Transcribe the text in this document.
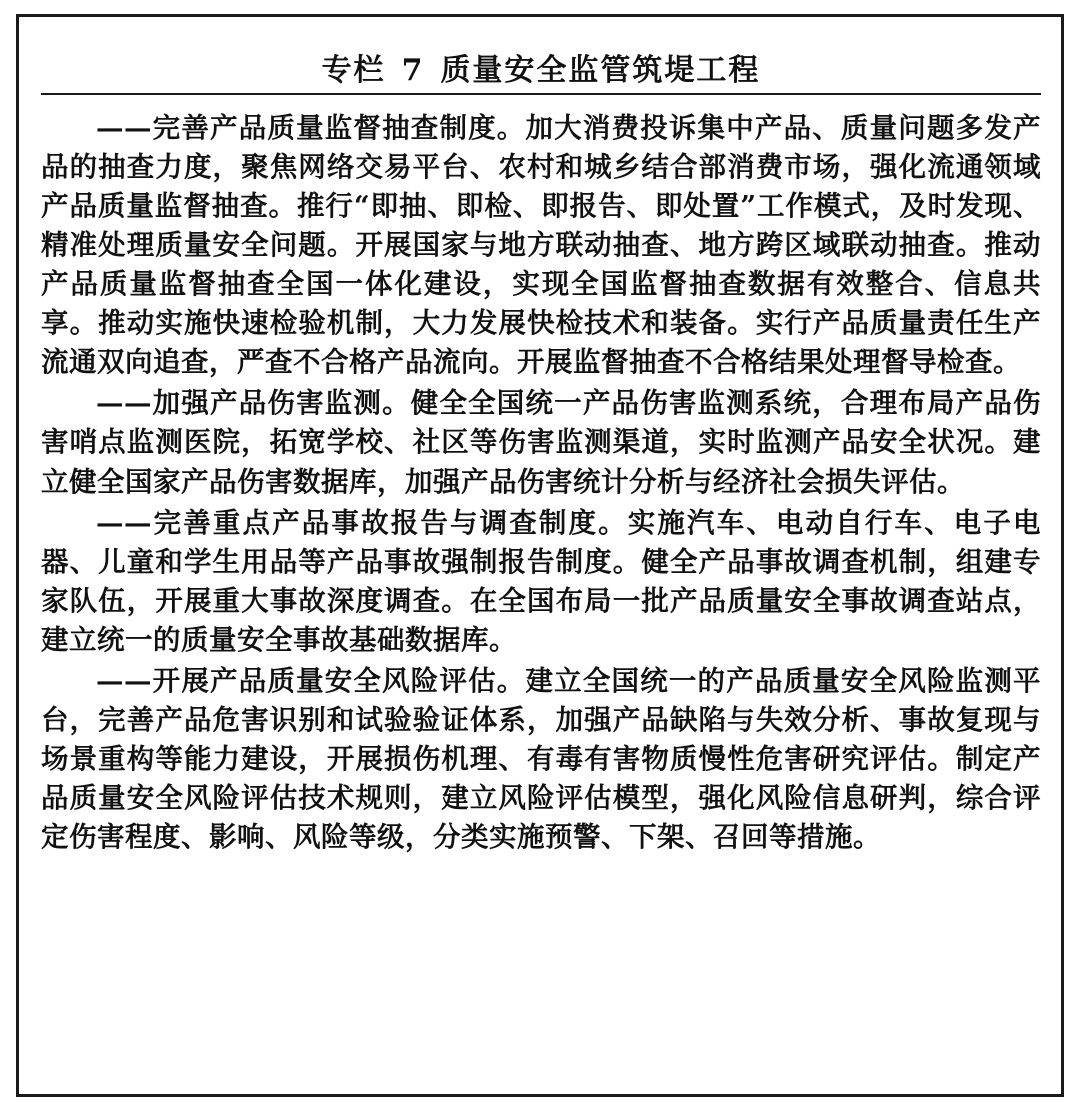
专栏 7 质量安全监管筑堤工程

——完善产品质量监督抽查制度。加大消费投诉集中产品、质量问题多发产品的抽查力度，聚焦网络交易平台、农村和城乡结合部消费市场，强化流通领域产品质量监督抽查。推行“即抽、即检、即报告、即处置”工作模式，及时发现、精准处理质量安全问题。开展国家与地方联动抽查、地方跨区域联动抽查。推动产品质量监督抽查全国一体化建设，实现全国监督抽查数据有效整合、信息共享。推动实施快速检验机制，大力发展快检技术和装备。实行产品质量责任生产流通双向追查，严查不合格产品流向。开展监督抽查不合格结果处理督导检查。

——加强产品伤害监测。健全全国统一产品伤害监测系统，合理布局产品伤害哨点监测医院，拓宽学校、社区等伤害监测渠道，实时监测产品安全状况。建立健全国家产品伤害数据库，加强产品伤害统计分析与经济社会损失评估。

——完善重点产品事故报告与调查制度。实施汽车、电动自行车、电子电器、儿童和学生用品等产品事故强制报告制度。健全产品事故调查机制，组建专家队伍，开展重大事故深度调查。在全国布局一批产品质量安全事故调查站点，建立统一的质量安全事故基础数据库。

——开展产品质量安全风险评估。建立全国统一的产品质量安全风险监测平台，完善产品危害识别和试验验证体系，加强产品缺陷与失效分析、事故复现与场景重构等能力建设，开展损伤机理、有毒有害物质慢性危害研究评估。制定产品质量安全风险评估技术规则，建立风险评估模型，强化风险信息研判，综合评定伤害程度、影响、风险等级，分类实施预警、下架、召回等措施。
